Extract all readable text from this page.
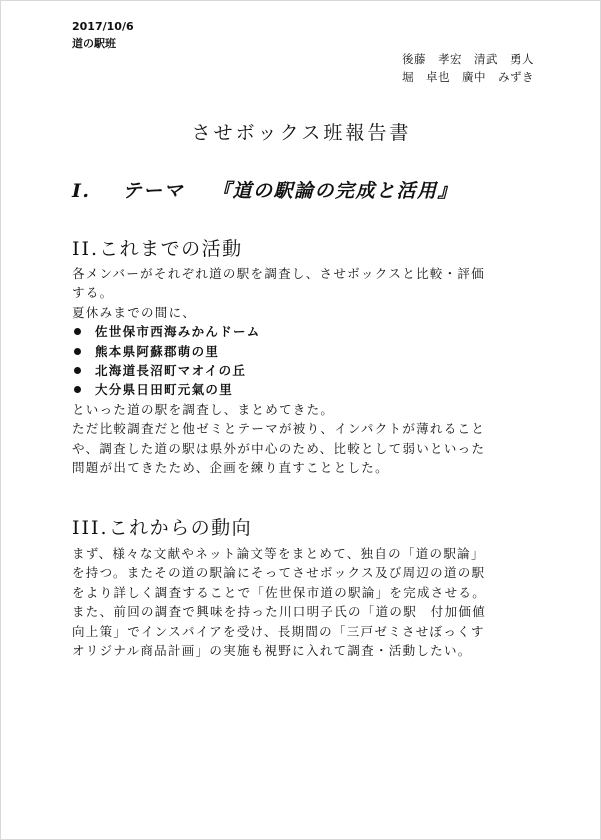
2017/10/6
道の駅班
後藤　孝宏　清武　勇人
堀　卓也　廣中　みずき
させボックス班報告書
I. テーマ 『道の駅論の完成と活用』
II.これまでの活動
各メンバーがそれぞれ道の駅を調査し、させボックスと比較・評価
する。
夏休みまでの間に、
佐世保市西海みかんドーム
熊本県阿蘇郡萌の里
北海道長沼町マオイの丘
大分県日田町元氣の里
といった道の駅を調査し、まとめてきた。
ただ比較調査だと他ゼミとテーマが被り、インパクトが薄れること
や、調査した道の駅は県外が中心のため、比較として弱いといった
問題が出てきたため、企画を練り直すこととした。
III.これからの動向
まず、様々な文献やネット論文等をまとめて、独自の「道の駅論」
を持つ。またその道の駅論にそってさせボックス及び周辺の道の駅
をより詳しく調査することで「佐世保市道の駅論」を完成させる。
また、前回の調査で興味を持った川口明子氏の「道の駅　付加価値
向上策」でインスパイアを受け、長期間の「三戸ゼミさせぼっくす
オリジナル商品計画」の実施も視野に入れて調査・活動したい。
